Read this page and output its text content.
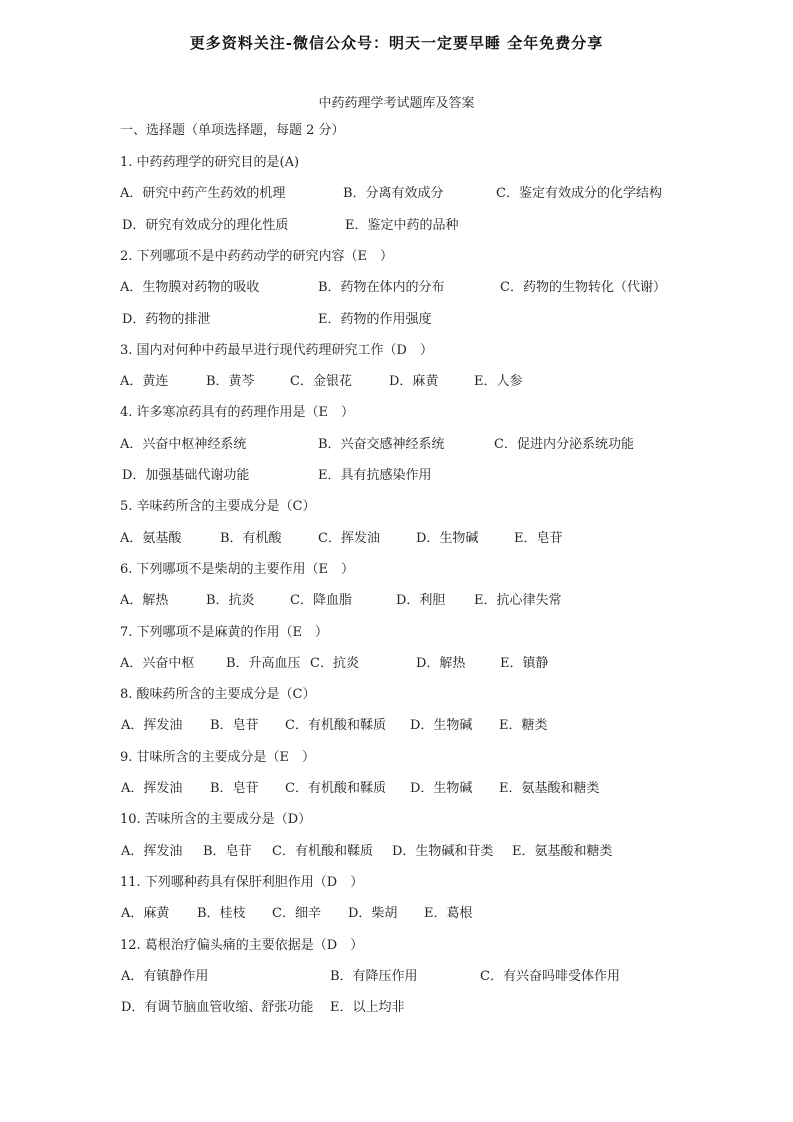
更多资料关注-微信公众号：明天一定要早睡 全年免费分享
中药药理学考试题库及答案
一、选择题（单项选择题，每题 2 分）
1. 中药药理学的研究目的是(A)
A．研究中药产生药效的机理	B．分离有效成分	C．鉴定有效成分的化学结构
D．研究有效成分的理化性质	E．鉴定中药的品种
2. 下列哪项不是中药药动学的研究内容（E　）
A．生物膜对药物的吸收	B．药物在体内的分布	C．药物的生物转化（代谢）
D．药物的排泄	E．药物的作用强度
3. 国内对何种中药最早进行现代药理研究工作（D　）
A．黄连	B．黄芩	C．金银花	D．麻黄	E．人参
4. 许多寒凉药具有的药理作用是（E　）
A．兴奋中枢神经系统	B．兴奋交感神经系统	C．促进内分泌系统功能
D．加强基础代谢功能	E．具有抗感染作用
5. 辛味药所含的主要成分是（C）
A．氨基酸	B．有机酸	C．挥发油	D．生物碱	E．皂苷
6. 下列哪项不是柴胡的主要作用（E　）
A．解热	B．抗炎	C．降血脂	D．利胆 E．抗心律失常
7. 下列哪项不是麻黄的作用（E　）
A．兴奋中枢 B．升高血压 C．抗炎	D．解热	E．镇静
8. 酸味药所含的主要成分是（C）
A．挥发油 B．皂苷 C．有机酸和鞣质 D．生物碱 E．糖类
9. 甘味所含的主要成分是（E　）
A．挥发油 B．皂苷 C．有机酸和鞣质 D．生物碱 E．氨基酸和糖类
10. 苦味所含的主要成分是（D）
A．挥发油 B．皂苷 C．有机酸和鞣质 D．生物碱和苷类 E．氨基酸和糖类
11. 下列哪种药具有保肝利胆作用（D　）
A．麻黄 B．桂枝 C．细辛 D．柴胡 E．葛根
12. 葛根治疗偏头痛的主要依据是（D　）
A．有镇静作用	B．有降压作用	C．有兴奋吗啡受体作用
D．有调节脑血管收缩、舒张功能 E．以上均非
